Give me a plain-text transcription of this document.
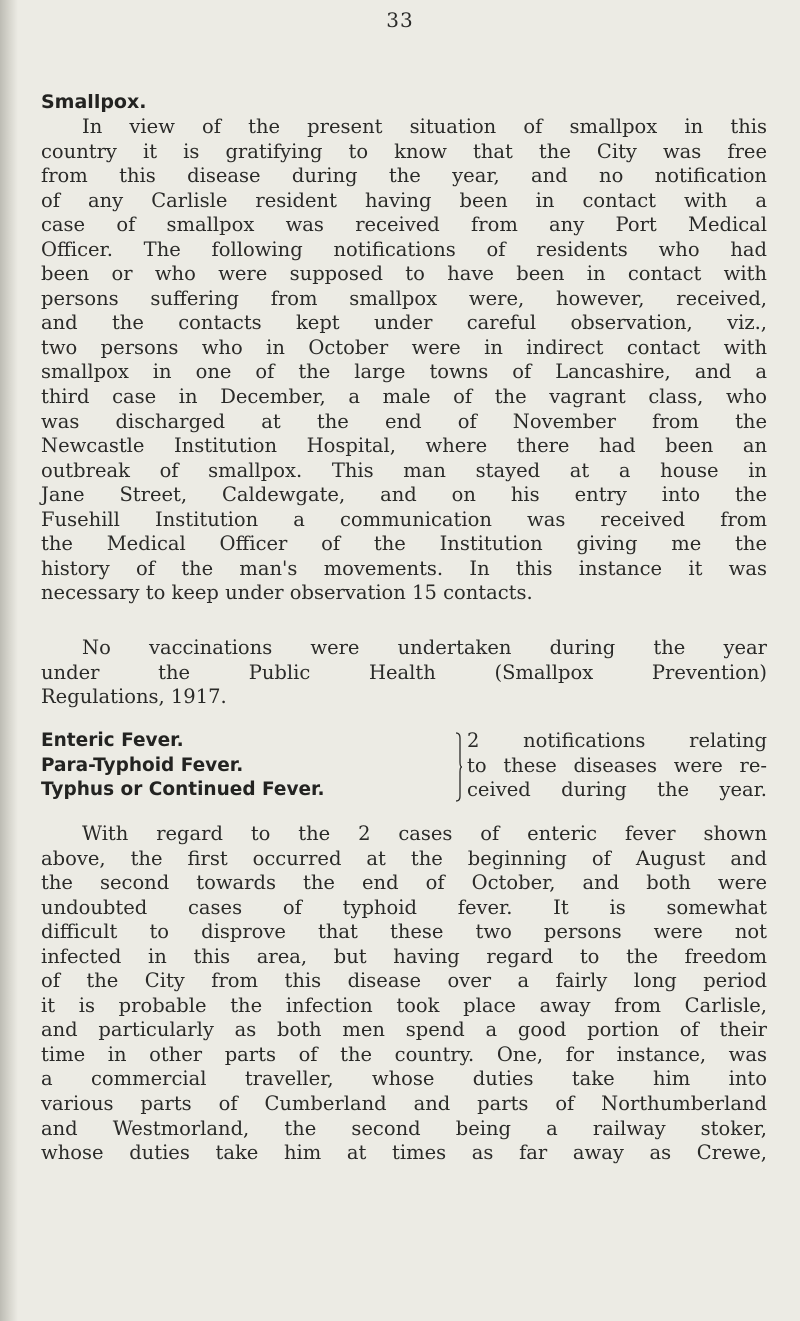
33
Smallpox.
In view of the present situation of smallpox in this
country it is gratifying to know that the City was free
from this disease during the year, and no notification
of any Carlisle resident having been in contact with a
case of smallpox was received from any Port Medical
Officer. The following notifications of residents who had
been or who were supposed to have been in contact with
persons suffering from smallpox were, however, received,
and the contacts kept under careful observation, viz.,
two persons who in October were in indirect contact with
smallpox in one of the large towns of Lancashire, and a
third case in December, a male of the vagrant class, who
was discharged at the end of November from the
Newcastle Institution Hospital, where there had been an
outbreak of smallpox. This man stayed at a house in
Jane Street, Caldewgate, and on his entry into the
Fusehill Institution a communication was received from
the Medical Officer of the Institution giving me the
history of the man's movements. In this instance it was
necessary to keep under observation 15 contacts.
No vaccinations were undertaken during the year
under the Public Health (Smallpox Prevention)
Regulations, 1917.
Enteric Fever.
Para-Typhoid Fever.
Typhus or Continued Fever.
2 notifications relating
to these diseases were re-
ceived during the year.
With regard to the 2 cases of enteric fever shown
above, the first occurred at the beginning of August and
the second towards the end of October, and both were
undoubted cases of typhoid fever. It is somewhat
difficult to disprove that these two persons were not
infected in this area, but having regard to the freedom
of the City from this disease over a fairly long period
it is probable the infection took place away from Carlisle,
and particularly as both men spend a good portion of their
time in other parts of the country. One, for instance, was
a commercial traveller, whose duties take him into
various parts of Cumberland and parts of Northumberland
and Westmorland, the second being a railway stoker,
whose duties take him at times as far away as Crewe,
